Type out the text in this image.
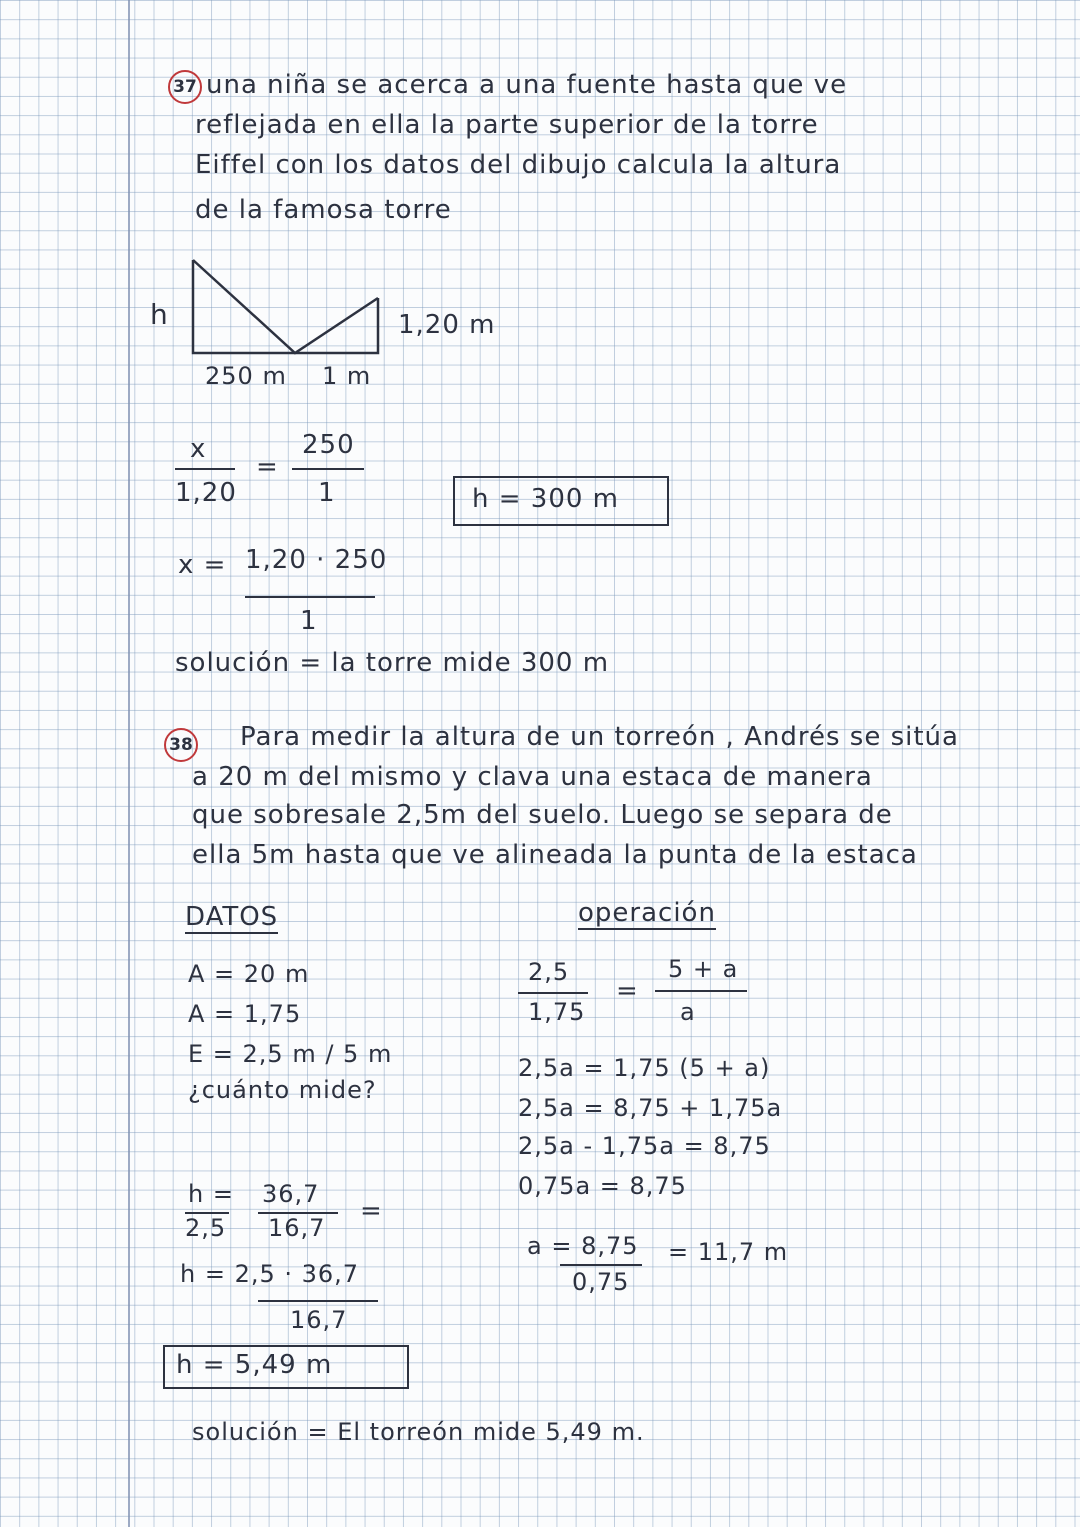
37 una niña se acerca a una fuente hasta que ve
reflejada en ella la parte superior de la torre
Eiffel con los datos del dibujo calcula la altura
de la famosa torre
h	1,20 m
250 m 1 m
x
1,20
=
250
1	h = 300 m
x = 1,20 · 250
1
solución = la torre mide 300 m
38 Para medir la altura de un torreón , Andrés se sitúa
a 20 m del mismo y clava una estaca de manera
que sobresale 2,5m del suelo. Luego se separa de
ella 5m hasta que ve alineada la punta de la estaca
DATOS
A = 20 m
A = 1,75
E = 2,5 m / 5 m
¿cuánto mide?
operación
2,5
1,75
=
5 + a
a
2,5a = 1,75 (5 + a)
2,5a = 8,75 + 1,75a
2,5a - 1,75a = 8,75
0,75a = 8,75
a = 8,75
0,75
= 11,7 m
h =
2,5
36,7
16,7
=
h = 2,5 · 36,7
16,7
h = 5,49 m
solución = El torreón mide 5,49 m.
